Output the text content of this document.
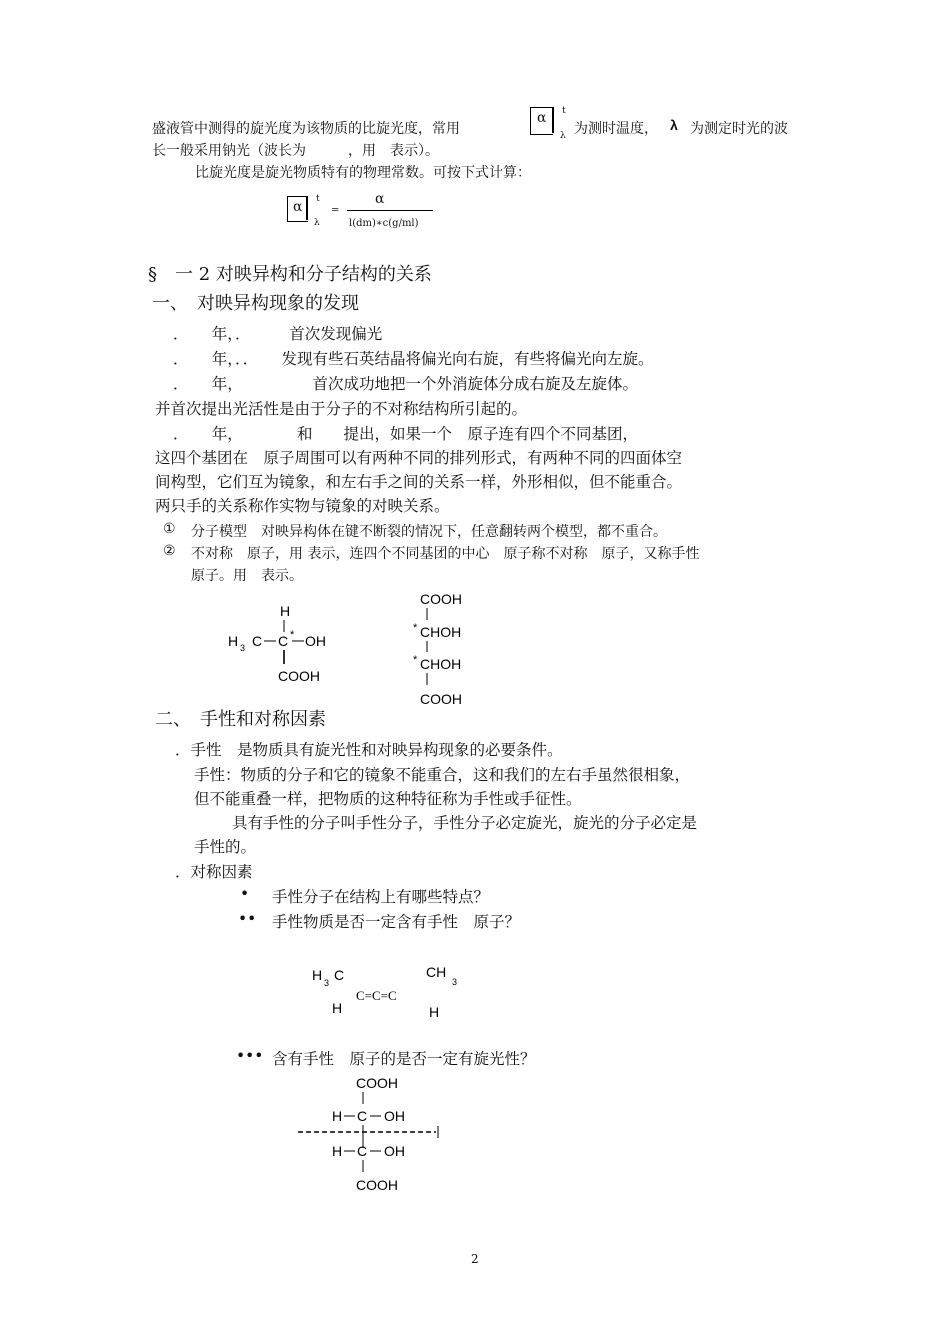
盛液管中测得的旋光度为该物质的比旋光度，常用
α t
λ 为测时温度， λ 为测定时光的波
长一般采用钠光（波长为　　　，用　表示）。
比旋光度是旋光物质特有的物理常数。可按下式计算：
α t
λ
=
α
l(dm)∗c(g/ml)
§　一 2 对映异构和分子结构的关系
一、　对映异构现象的发现
．　　年，．　　　首次发现偏光
．　　年，．．　　发现有些石英结晶将偏光向右旋，有些将偏光向左旋。
．　　年，　　　　　首次成功地把一个外消旋体分成右旋及左旋体。
并首次提出光活性是由于分子的不对称结构所引起的。
．　　年，　　　　和　　提出，如果一个　原子连有四个不同基团，
这四个基团在　原子周围可以有两种不同的排列形式，有两种不同的四面体空
间构型，它们互为镜象，和左右手之间的关系一样，外形相似，但不能重合。
两只手的关系称作实物与镜象的对映关系。
① 分子模型　对映异构体在键不断裂的情况下，任意翻转两个模型，都不重合。
② 不对称　原子，用 表示，连四个不同基团的中心　原子称不对称　原子，又称手性
原子。用　表示。
H
H 3 C C * OH
COOH
COOH
* CHOH
* CHOH
COOH
二、　手性和对称因素
．手性　是物质具有旋光性和对映异构现象的必要条件。
手性：物质的分子和它的镜象不能重合，这和我们的左右手虽然很相象，
但不能重叠一样，把物质的这种特征称为手性或手征性。
具有手性的分子叫手性分子，手性分子必定旋光，旋光的分子必定是
手性的。
．对称因素
• 手性分子在结构上有哪些特点？
•• 手性物质是否一定含有手性　原子？
H 3 C	CH
3
C=C=C
H	H
••• 含有手性　原子的是否一定有旋光性？
COOH
H C OH
H C OH
COOH
2
